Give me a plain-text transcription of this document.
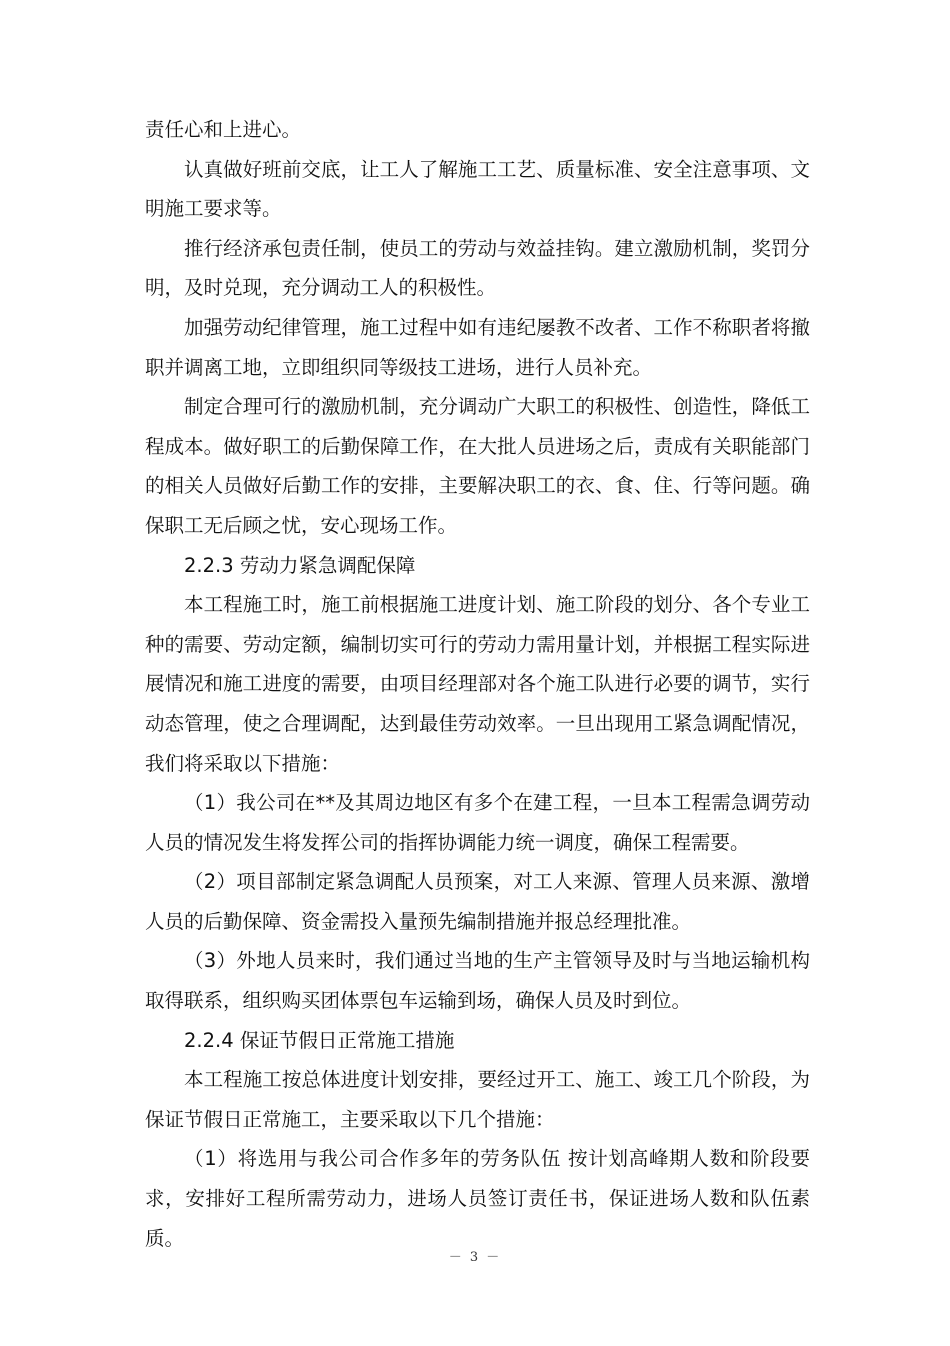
责任心和上进心。

认真做好班前交底，让工人了解施工工艺、质量标准、安全注意事项、文明施工要求等。

推行经济承包责任制，使员工的劳动与效益挂钩。建立激励机制，奖罚分明，及时兑现，充分调动工人的积极性。

加强劳动纪律管理，施工过程中如有违纪屡教不改者、工作不称职者将撤职并调离工地，立即组织同等级技工进场，进行人员补充。

制定合理可行的激励机制，充分调动广大职工的积极性、创造性，降低工程成本。做好职工的后勤保障工作，在大批人员进场之后，责成有关职能部门的相关人员做好后勤工作的安排，主要解决职工的衣、食、住、行等问题。确保职工无后顾之忧，安心现场工作。

2.2.3 劳动力紧急调配保障

本工程施工时，施工前根据施工进度计划、施工阶段的划分、各个专业工种的需要、劳动定额，编制切实可行的劳动力需用量计划，并根据工程实际进展情况和施工进度的需要，由项目经理部对各个施工队进行必要的调节，实行动态管理，使之合理调配，达到最佳劳动效率。一旦出现用工紧急调配情况，我们将采取以下措施：

（1）我公司在**及其周边地区有多个在建工程，一旦本工程需急调劳动人员的情况发生将发挥公司的指挥协调能力统一调度，确保工程需要。

（2）项目部制定紧急调配人员预案，对工人来源、管理人员来源、激增人员的后勤保障、资金需投入量预先编制措施并报总经理批准。

（3）外地人员来时，我们通过当地的生产主管领导及时与当地运输机构取得联系，组织购买团体票包车运输到场，确保人员及时到位。

2.2.4 保证节假日正常施工措施

本工程施工按总体进度计划安排，要经过开工、施工、竣工几个阶段，为保证节假日正常施工，主要采取以下几个措施：

（1）将选用与我公司合作多年的劳务队伍 按计划高峰期人数和阶段要求，安排好工程所需劳动力，进场人员签订责任书，保证进场人数和队伍素质。

－ 3 －
